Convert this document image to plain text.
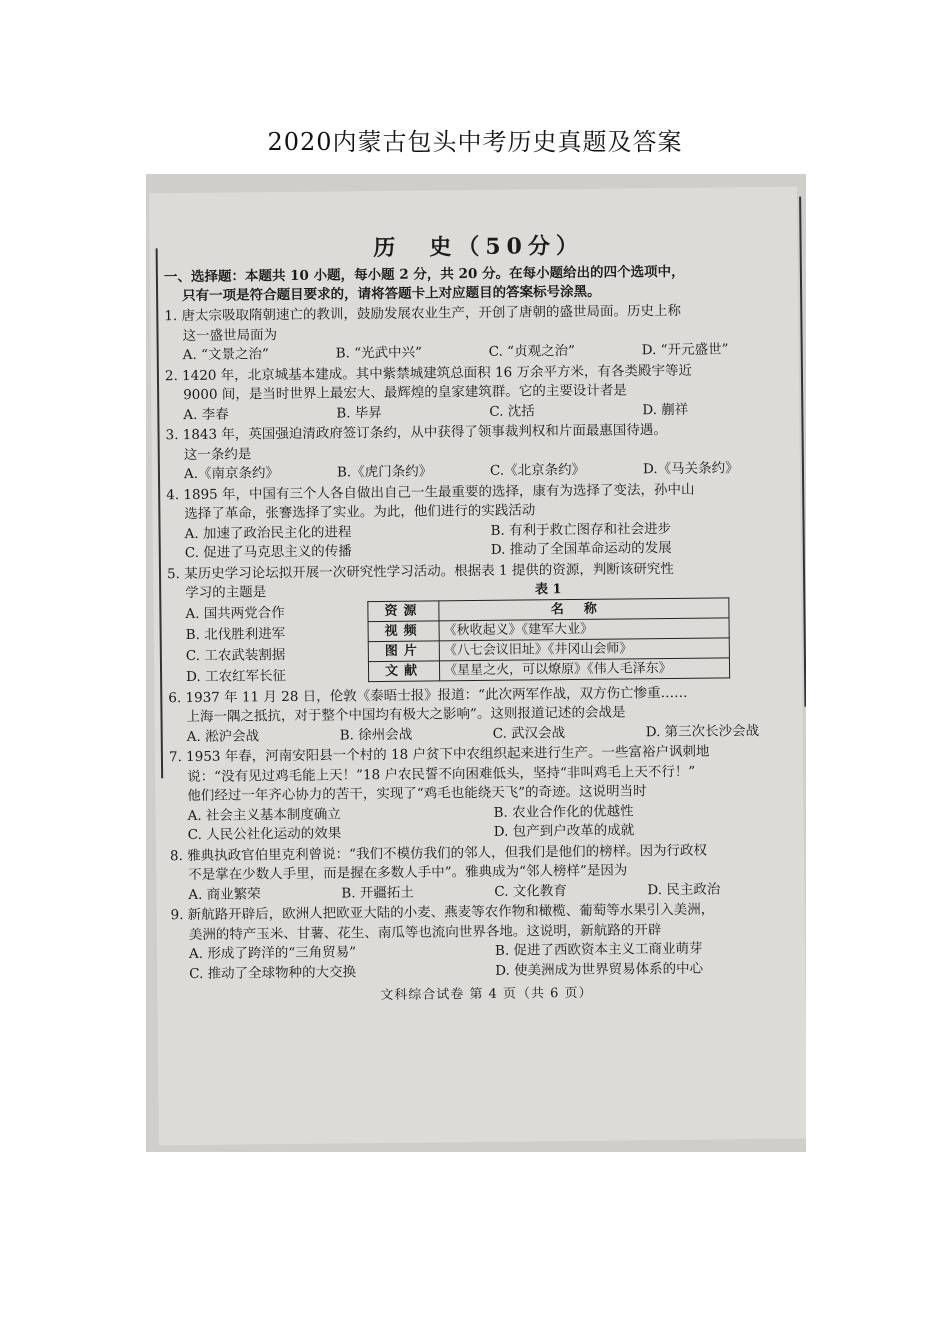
2020内蒙古包头中考历史真题及答案
历　史（50分）
一、选择题：本题共 10 小题，每小题 2 分，共 20 分。在每小题给出的四个选项中，
只有一项是符合题目要求的，请将答题卡上对应题目的答案标号涂黑。
1. 唐太宗吸取隋朝速亡的教训，鼓励发展农业生产，开创了唐朝的盛世局面。历史上称
这一盛世局面为
A. “文景之治”	B. “光武中兴”	C. “贞观之治”	D. “开元盛世”
2. 1420 年，北京城基本建成。其中紫禁城建筑总面积 16 万余平方米，有各类殿宇等近
9000 间，是当时世界上最宏大、最辉煌的皇家建筑群。它的主要设计者是
A. 李春	B. 毕昇	C. 沈括	D. 蒯祥
3. 1843 年，英国强迫清政府签订条约，从中获得了领事裁判权和片面最惠国待遇。
这一条约是
A.《南京条约》	B.《虎门条约》	C.《北京条约》	D.《马关条约》
4. 1895 年，中国有三个人各自做出自己一生最重要的选择，康有为选择了变法，孙中山
选择了革命，张謇选择了实业。为此，他们进行的实践活动
A. 加速了政治民主化的进程	B. 有利于救亡图存和社会进步
C. 促进了马克思主义的传播	D. 推动了全国革命运动的发展
5. 某历史学习论坛拟开展一次研究性学习活动。根据表 1 提供的资源，判断该研究性
学习的主题是
A. 国共两党合作
B. 北伐胜利进军
C. 工农武装割据
D. 工农红军长征
表 1
资源	名称
视频	《秋收起义》《建军大业》
图片	《八七会议旧址》《井冈山会师》
文献	《星星之火，可以燎原》《伟人毛泽东》
6. 1937 年 11 月 28 日，伦敦《泰晤士报》报道：“此次两军作战，双方伤亡惨重……
上海一隅之抵抗，对于整个中国均有极大之影响”。这则报道记述的会战是
A. 淞沪会战	B. 徐州会战	C. 武汉会战	D. 第三次长沙会战
7. 1953 年春，河南安阳县一个村的 18 户贫下中农组织起来进行生产。一些富裕户讽刺地
说：“没有见过鸡毛能上天！”18 户农民誓不向困难低头，坚持“非叫鸡毛上天不行！”
他们经过一年齐心协力的苦干，实现了“鸡毛也能绕天飞”的奇迹。这说明当时
A. 社会主义基本制度确立	B. 农业合作化的优越性
C. 人民公社化运动的效果	D. 包产到户改革的成就
8. 雅典执政官伯里克利曾说：“我们不模仿我们的邻人，但我们是他们的榜样。因为行政权
不是掌在少数人手里，而是握在多数人手中”。雅典成为“邻人榜样”是因为
A. 商业繁荣	B. 开疆拓土	C. 文化教育	D. 民主政治
9. 新航路开辟后，欧洲人把欧亚大陆的小麦、燕麦等农作物和橄榄、葡萄等水果引入美洲，
美洲的特产玉米、甘薯、花生、南瓜等也流向世界各地。这说明，新航路的开辟
A. 形成了跨洋的“三角贸易”	B. 促进了西欧资本主义工商业萌芽
C. 推动了全球物种的大交换	D. 使美洲成为世界贸易体系的中心
文科综合试卷 第 4 页（共 6 页）
